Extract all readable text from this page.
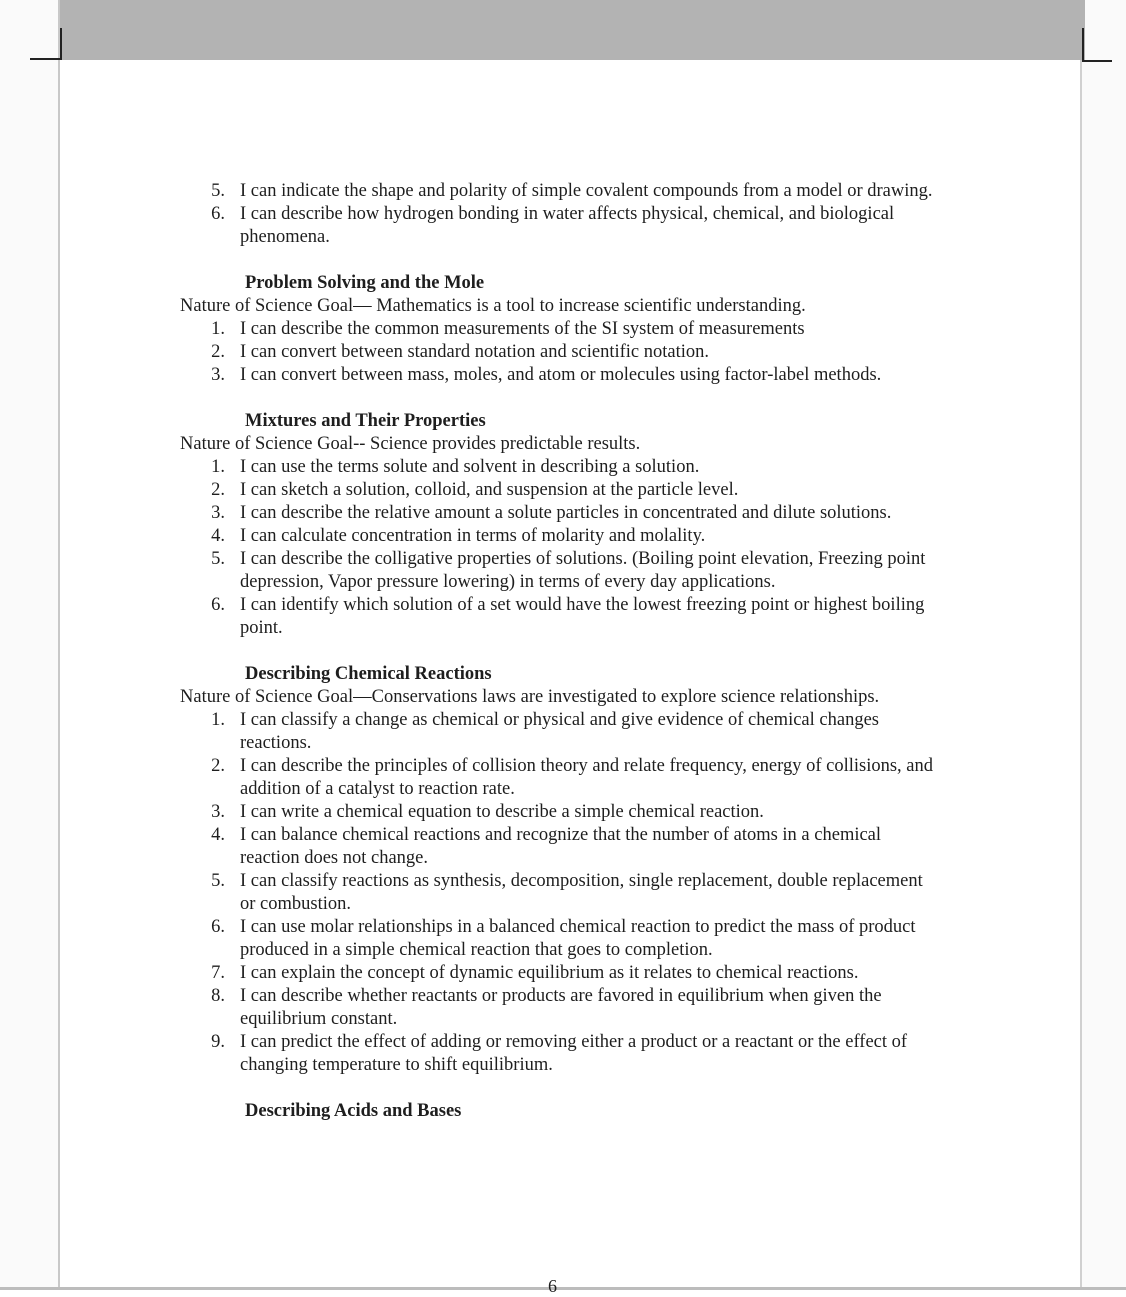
5. I can indicate the shape and polarity of simple covalent compounds from a model or drawing.
6. I can describe how hydrogen bonding in water affects physical, chemical, and biological phenomena.
Problem Solving and the Mole
Nature of Science Goal— Mathematics is a tool to increase scientific understanding.
1. I can describe the common measurements of the SI system of measurements
2. I can convert between standard notation and scientific notation.
3. I can convert between mass, moles, and atom or molecules using factor-label methods.
Mixtures and Their Properties
Nature of Science Goal-- Science provides predictable results.
1. I can use the terms solute and solvent in describing a solution.
2. I can sketch a solution, colloid, and suspension at the particle level.
3. I can describe the relative amount a solute particles in concentrated and dilute solutions.
4. I can calculate concentration in terms of molarity and molality.
5. I can describe the colligative properties of solutions. (Boiling point elevation, Freezing point depression, Vapor pressure lowering) in terms of every day applications.
6. I can identify which solution of a set would have the lowest freezing point or highest boiling point.
Describing Chemical Reactions
Nature of Science Goal—Conservations laws are investigated to explore science relationships.
1. I can classify a change as chemical or physical and give evidence of chemical changes reactions.
2. I can describe the principles of collision theory and relate frequency, energy of collisions, and addition of a catalyst to reaction rate.
3. I can write a chemical equation to describe a simple chemical reaction.
4. I can balance chemical reactions and recognize that the number of atoms in a chemical reaction does not change.
5. I can classify reactions as synthesis, decomposition, single replacement, double replacement or combustion.
6. I can use molar relationships in a balanced chemical reaction to predict the mass of product produced in a simple chemical reaction that goes to completion.
7. I can explain the concept of dynamic equilibrium as it relates to chemical reactions.
8. I can describe whether reactants or products are favored in equilibrium when given the equilibrium constant.
9. I can predict the effect of adding or removing either a product or a reactant or the effect of changing temperature to shift equilibrium.
Describing Acids and Bases
6
